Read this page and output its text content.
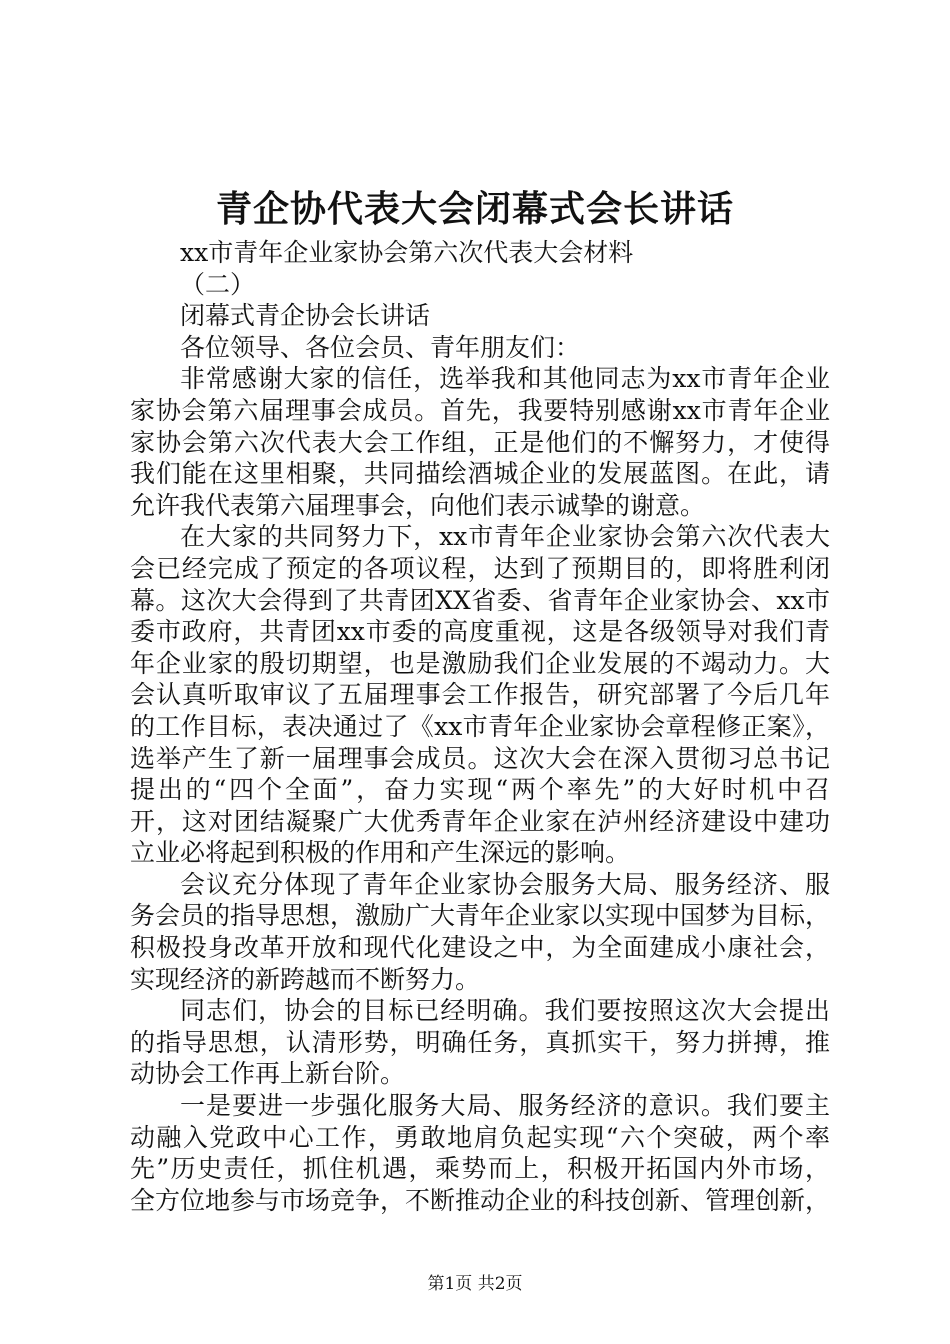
青企协代表大会闭幕式会长讲话
xx市青年企业家协会第六次代表大会材料
（二）
闭幕式青企协会长讲话
各位领导、各位会员、青年朋友们：
非常感谢大家的信任，选举我和其他同志为xx市青年企业
家协会第六届理事会成员。首先，我要特别感谢xx市青年企业
家协会第六次代表大会工作组，正是他们的不懈努力，才使得
我们能在这里相聚，共同描绘酒城企业的发展蓝图。在此，请
允许我代表第六届理事会，向他们表示诚挚的谢意。
在大家的共同努力下，xx市青年企业家协会第六次代表大
会已经完成了预定的各项议程，达到了预期目的，即将胜利闭
幕。这次大会得到了共青团XX省委、省青年企业家协会、xx市
委市政府，共青团xx市委的高度重视，这是各级领导对我们青
年企业家的殷切期望，也是激励我们企业发展的不竭动力。大
会认真听取审议了五届理事会工作报告，研究部署了今后几年
的工作目标，表决通过了《xx市青年企业家协会章程修正案》，
选举产生了新一届理事会成员。这次大会在深入贯彻习总书记
提出的“四个全面”，奋力实现“两个率先”的大好时机中召
开，这对团结凝聚广大优秀青年企业家在泸州经济建设中建功
立业必将起到积极的作用和产生深远的影响。
会议充分体现了青年企业家协会服务大局、服务经济、服
务会员的指导思想，激励广大青年企业家以实现中国梦为目标，
积极投身改革开放和现代化建设之中，为全面建成小康社会，
实现经济的新跨越而不断努力。
同志们，协会的目标已经明确。我们要按照这次大会提出
的指导思想，认清形势，明确任务，真抓实干，努力拼搏，推
动协会工作再上新台阶。
一是要进一步强化服务大局、服务经济的意识。我们要主
动融入党政中心工作，勇敢地肩负起实现“六个突破，两个率
先”历史责任，抓住机遇，乘势而上，积极开拓国内外市场，
全方位地参与市场竞争，不断推动企业的科技创新、管理创新，
第1页 共2页
